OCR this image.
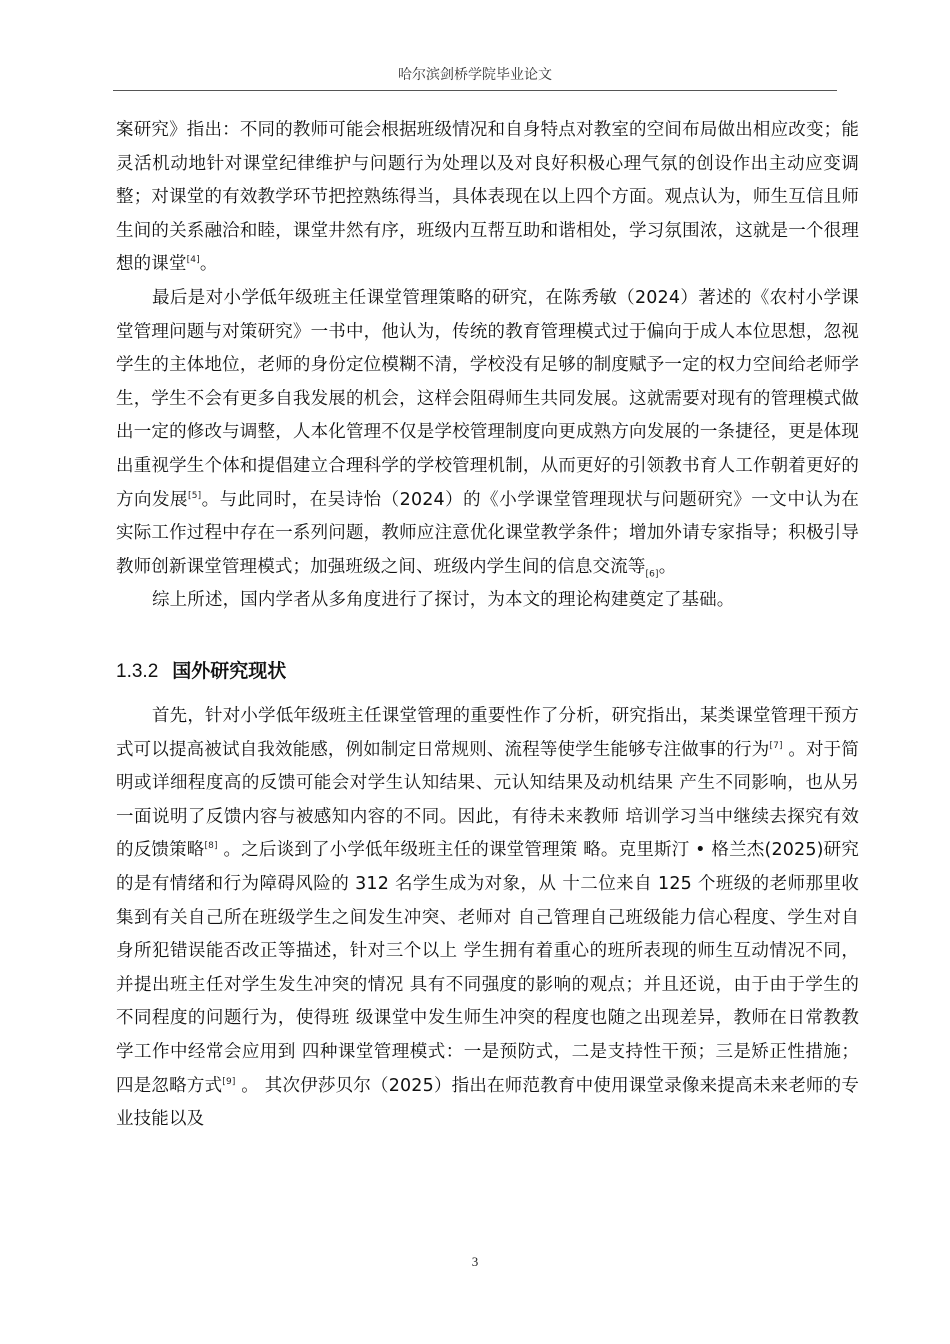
哈尔滨剑桥学院毕业论文

案研究》指出：不同的教师可能会根据班级情况和自身特点对教室的空间布局做出相应改变；能灵活机动地针对课堂纪律维护与问题行为处理以及对良好积极心理气氛的创设作出主动应变调整；对课堂的有效教学环节把控熟练得当，具体表现在以上四个方面。观点认为，师生互信且师生间的关系融洽和睦，课堂井然有序，班级内互帮互助和谐相处，学习氛围浓，这就是一个很理想的课堂[4]。

最后是对小学低年级班主任课堂管理策略的研究，在陈秀敏（2024）著述的《农村小学课堂管理问题与对策研究》一书中，他认为，传统的教育管理模式过于偏向于成人本位思想，忽视学生的主体地位，老师的身份定位模糊不清，学校没有足够的制度赋予一定的权力空间给老师学生，学生不会有更多自我发展的机会，这样会阻碍师生共同发展。这就需要对现有的管理模式做出一定的修改与调整，人本化管理不仅是学校管理制度向更成熟方向发展的一条捷径，更是体现出重视学生个体和提倡建立合理科学的学校管理机制，从而更好的引领教书育人工作朝着更好的方向发展[5]。与此同时，在吴诗怡（2024）的《小学课堂管理现状与问题研究》一文中认为在实际工作过程中存在一系列问题，教师应注意优化课堂教学条件；增加外请专家指导；积极引导教师创新课堂管理模式；加强班级之间、班级内学生间的信息交流等$_{[6]}$。

综上所述，国内学者从多角度进行了探讨，为本文的理论构建奠定了基础。

1.3.2 国外研究现状

首先，针对小学低年级班主任课堂管理的重要性作了分析，研究指出，某类课堂管理干预方式可以提高被试自我效能感，例如制定日常规则、流程等使学生能够专注做事的行为[7] 。对于简明或详细程度高的反馈可能会对学生认知结果、元认知结果及动机结果 产生不同影响，也从另一面说明了反馈内容与被感知内容的不同。因此，有待未来教师 培训学习当中继续去探究有效的反馈策略[8] 。之后谈到了小学低年级班主任的课堂管理策 略。克里斯汀 • 格兰杰(2025)研究的是有情绪和行为障碍风险的 312 名学生成为对象，从 十二位来自 125 个班级的老师那里收集到有关自己所在班级学生之间发生冲突、老师对 自己管理自己班级能力信心程度、学生对自身所犯错误能否改正等描述，针对三个以上 学生拥有着重心的班所表现的师生互动情况不同，并提出班主任对学生发生冲突的情况 具有不同强度的影响的观点；并且还说，由于由于学生的不同程度的问题行为，使得班 级课堂中发生师生冲突的程度也随之出现差异，教师在日常教教学工作中经常会应用到 四种课堂管理模式：一是预防式，二是支持性干预；三是矫正性措施；四是忽略方式[9] 。 其次伊莎贝尔（2025）指出在师范教育中使用课堂录像来提高未来老师的专业技能以及

3
